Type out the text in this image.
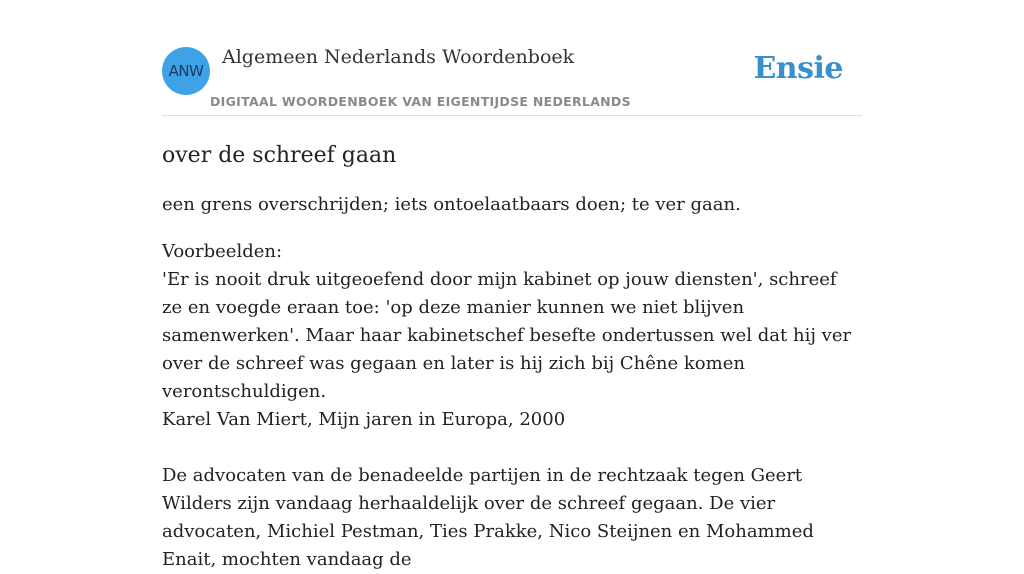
ANW
Algemeen Nederlands Woordenboek
DIGITAAL WOORDENBOEK VAN EIGENTIJDSE NEDERLANDS
Ensie
over de schreef gaan

een grens overschrijden; iets ontoelaatbaars doen; te ver gaan.

Voorbeelden:

'Er is nooit druk uitgeoefend door mijn kabinet op jouw diensten', schreef ze en voegde eraan toe: 'op deze manier kunnen we niet blijven samenwerken'. Maar haar kabinetschef besefte ondertussen wel dat hij ver over de schreef was gegaan en later is hij zich bij Chêne komen verontschuldigen.

Karel Van Miert, Mijn jaren in Europa, 2000

De advocaten van de benadeelde partijen in de rechtzaak tegen Geert Wilders zijn vandaag herhaaldelijk over de schreef gegaan. De vier advocaten, Michiel Pestman, Ties Prakke, Nico Steijnen en Mohammed Enait, mochten vandaag de
